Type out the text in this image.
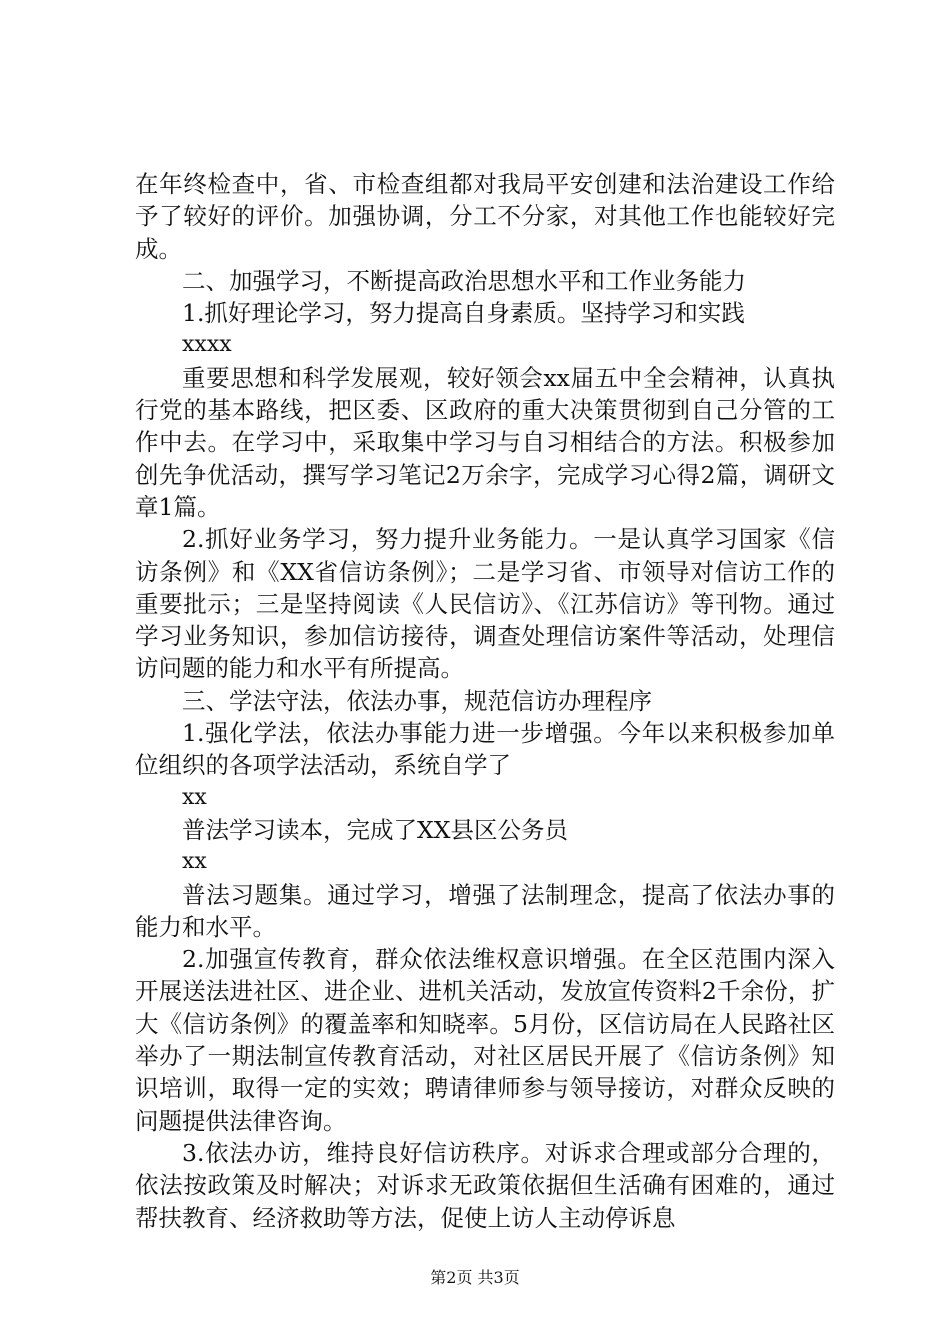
在年终检查中，省、市检查组都对我局平安创建和法治建设工作给予了较好的评价。加强协调，分工不分家，对其他工作也能较好完成。

二、加强学习，不断提高政治思想水平和工作业务能力

1.抓好理论学习，努力提高自身素质。坚持学习和实践

xxxx

重要思想和科学发展观，较好领会xx届五中全会精神，认真执行党的基本路线，把区委、区政府的重大决策贯彻到自己分管的工作中去。在学习中，采取集中学习与自习相结合的方法。积极参加创先争优活动，撰写学习笔记2万余字，完成学习心得2篇，调研文章1篇。

2.抓好业务学习，努力提升业务能力。一是认真学习国家《信访条例》和《XX省信访条例》；二是学习省、市领导对信访工作的重要批示；三是坚持阅读《人民信访》、《江苏信访》等刊物。通过学习业务知识，参加信访接待，调查处理信访案件等活动，处理信访问题的能力和水平有所提高。

三、学法守法，依法办事，规范信访办理程序

1.强化学法，依法办事能力进一步增强。今年以来积极参加单位组织的各项学法活动，系统自学了

xx

普法学习读本，完成了XX县区公务员

xx

普法习题集。通过学习，增强了法制理念，提高了依法办事的能力和水平。

2.加强宣传教育，群众依法维权意识增强。在全区范围内深入开展送法进社区、进企业、进机关活动，发放宣传资料2千余份，扩大《信访条例》的覆盖率和知晓率。5月份，区信访局在人民路社区举办了一期法制宣传教育活动，对社区居民开展了《信访条例》知识培训，取得一定的实效；聘请律师参与领导接访，对群众反映的问题提供法律咨询。

3.依法办访，维持良好信访秩序。对诉求合理或部分合理的，依法按政策及时解决；对诉求无政策依据但生活确有困难的，通过帮扶教育、经济救助等方法，促使上访人主动停诉息

第2页 共3页
